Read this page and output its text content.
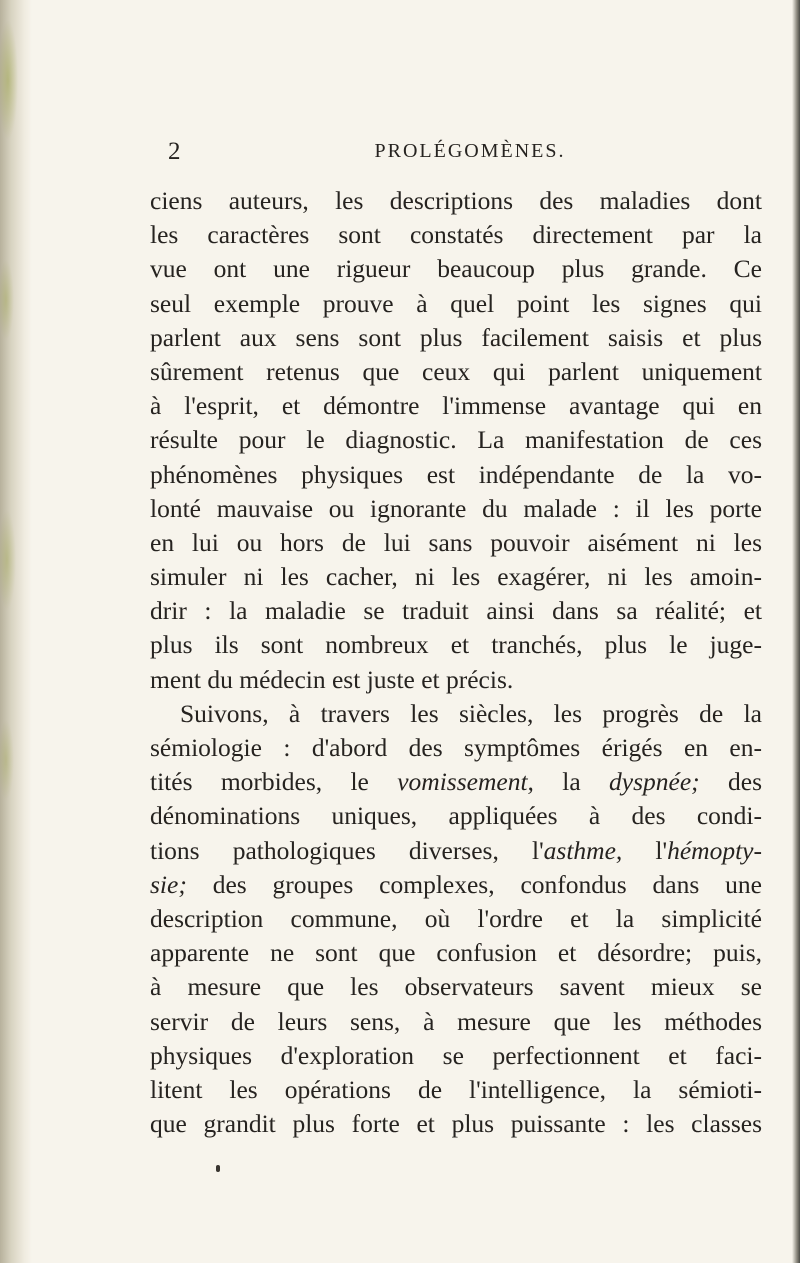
2	PROLÉGOMÈNES.
ciens auteurs, les descriptions des maladies dont
les caractères sont constatés directement par la
vue ont une rigueur beaucoup plus grande. Ce
seul exemple prouve à quel point les signes qui
parlent aux sens sont plus facilement saisis et plus
sûrement retenus que ceux qui parlent uniquement
à l'esprit, et démontre l'immense avantage qui en
résulte pour le diagnostic. La manifestation de ces
phénomènes physiques est indépendante de la vo-
lonté mauvaise ou ignorante du malade : il les porte
en lui ou hors de lui sans pouvoir aisément ni les
simuler ni les cacher, ni les exagérer, ni les amoin-
drir : la maladie se traduit ainsi dans sa réalité; et
plus ils sont nombreux et tranchés, plus le juge-
ment du médecin est juste et précis.
Suivons, à travers les siècles, les progrès de la
sémiologie : d'abord des symptômes érigés en en-
tités morbides, le vomissement, la dyspnée; des
dénominations uniques, appliquées à des condi-
tions pathologiques diverses, l'asthme, l'hémopty-
sie; des groupes complexes, confondus dans une
description commune, où l'ordre et la simplicité
apparente ne sont que confusion et désordre; puis,
à mesure que les observateurs savent mieux se
servir de leurs sens, à mesure que les méthodes
physiques d'exploration se perfectionnent et faci-
litent les opérations de l'intelligence, la sémioti-
que grandit plus forte et plus puissante : les classes
